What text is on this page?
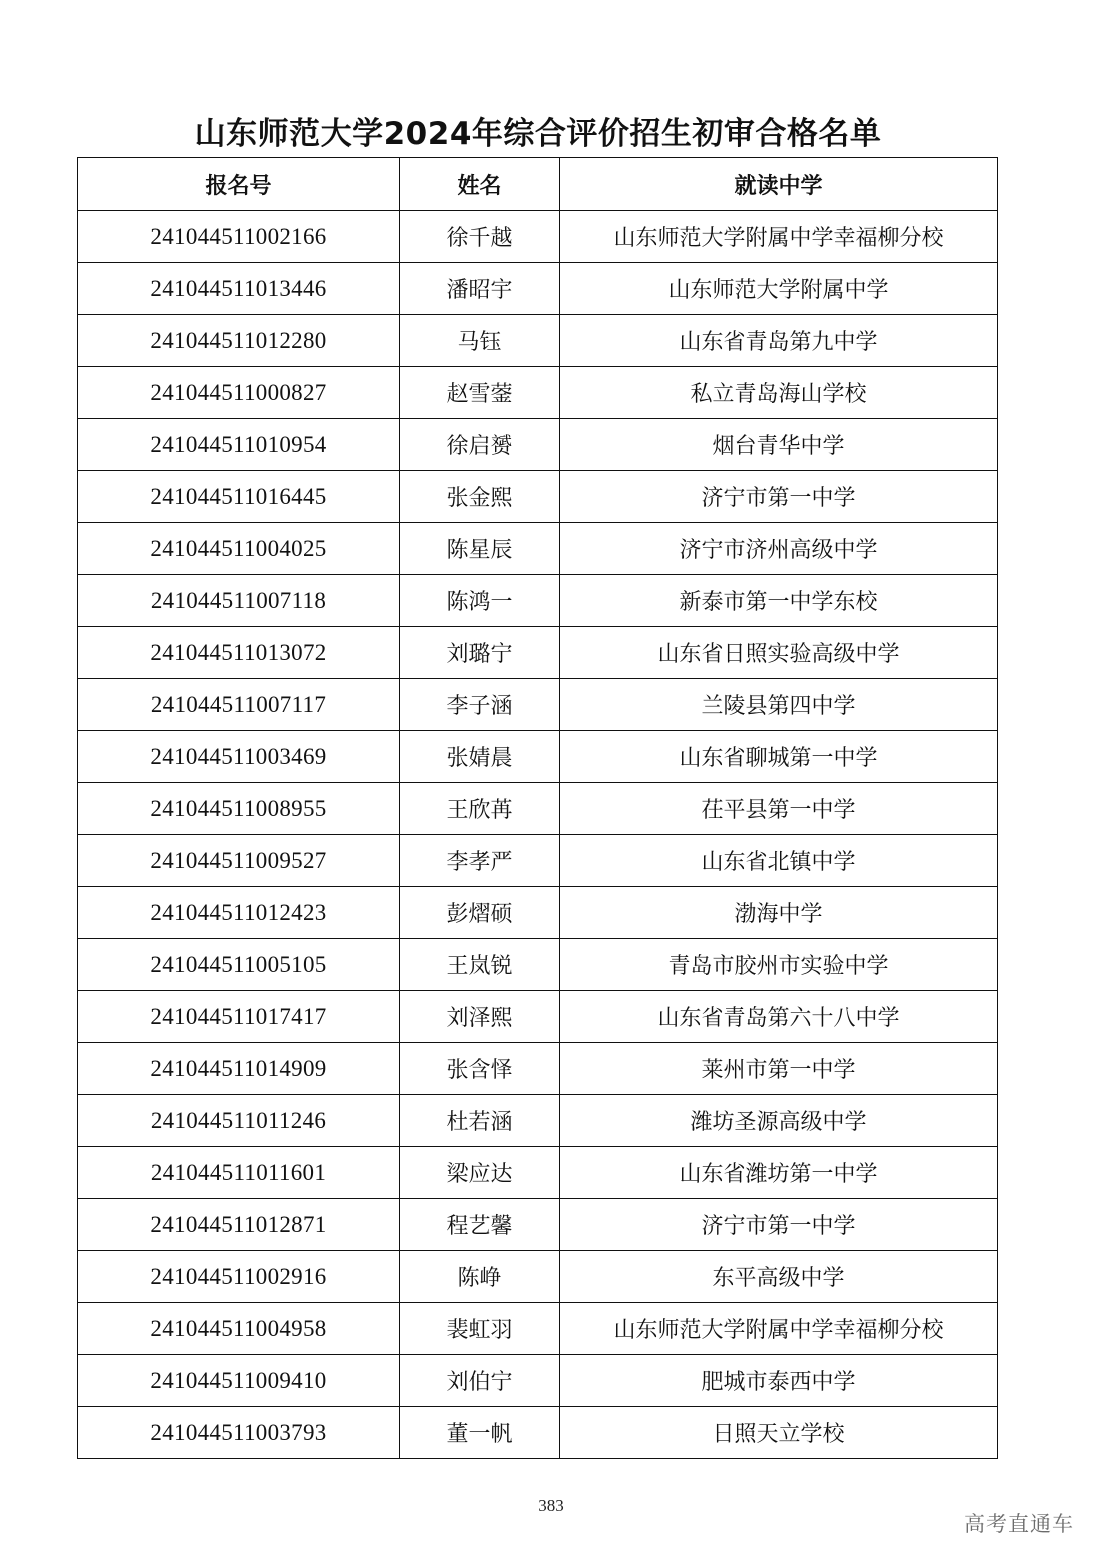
山东师范大学2024年综合评价招生初审合格名单
报名号	姓名	就读中学
241044511002166	徐千越	山东师范大学附属中学幸福柳分校
241044511013446	潘昭宇	山东师范大学附属中学
241044511012280	马钰	山东省青岛第九中学
241044511000827	赵雪蓥	私立青岛海山学校
241044511010954	徐启赟	烟台青华中学
241044511016445	张金熙	济宁市第一中学
241044511004025	陈星辰	济宁市济州高级中学
241044511007118	陈鸿一	新泰市第一中学东校
241044511013072	刘璐宁	山东省日照实验高级中学
241044511007117	李子涵	兰陵县第四中学
241044511003469	张婧晨	山东省聊城第一中学
241044511008955	王欣苒	茌平县第一中学
241044511009527	李孝严	山东省北镇中学
241044511012423	彭熠硕	渤海中学
241044511005105	王岚锐	青岛市胶州市实验中学
241044511017417	刘泽熙	山东省青岛第六十八中学
241044511014909	张含怿	莱州市第一中学
241044511011246	杜若涵	潍坊圣源高级中学
241044511011601	梁应达	山东省潍坊第一中学
241044511012871	程艺馨	济宁市第一中学
241044511002916	陈峥	东平高级中学
241044511004958	裴虹羽	山东师范大学附属中学幸福柳分校
241044511009410	刘伯宁	肥城市泰西中学
241044511003793	董一帆	日照天立学校
383
高考直通车
